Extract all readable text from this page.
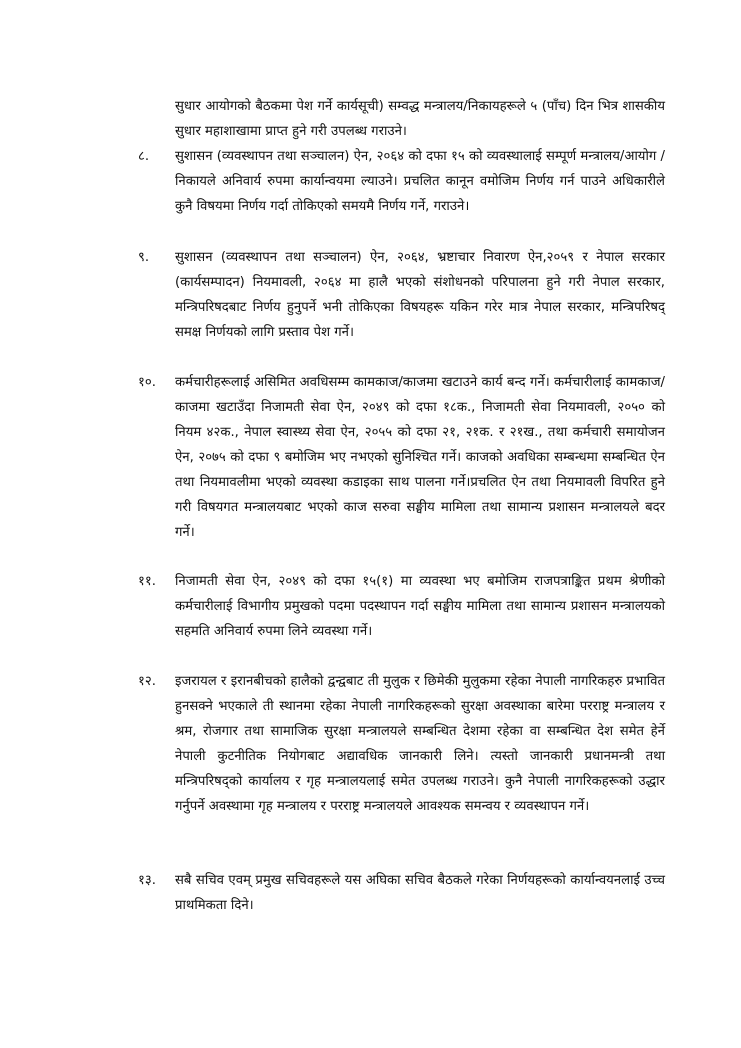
सुधार आयोगको बैठकमा पेश गर्ने कार्यसूची) सम्वद्ध मन्त्रालय/निकायहरूले ५ (पाँच) दिन भित्र शासकीय सुधार महाशाखामा प्राप्त हुने गरी उपलब्ध गराउने।

८.	सुशासन (व्यवस्थापन तथा सञ्चालन) ऐन, २०६४ को दफा १५ को व्यवस्थालाई सम्पूर्ण मन्त्रालय/आयोग /निकायले अनिवार्य रुपमा कार्यान्वयमा ल्याउने। प्रचलित कानून वमोजिम निर्णय गर्न पाउने अधिकारीले कुनै विषयमा निर्णय गर्दा तोकिएको समयमै निर्णय गर्ने, गराउने।

९.	सुशासन (व्यवस्थापन तथा सञ्चालन) ऐन, २०६४, भ्रष्टाचार निवारण ऐन,२०५९ र नेपाल सरकार (कार्यसम्पादन) नियमावली, २०६४ मा हालै भएको संशोधनको परिपालना हुने गरी नेपाल सरकार, मन्त्रिपरिषदबाट निर्णय हुनुपर्ने भनी तोकिएका विषयहरू यकिन गरेर मात्र नेपाल सरकार, मन्त्रिपरिषद् समक्ष निर्णयको लागि प्रस्ताव पेश गर्ने।

१०.	कर्मचारीहरूलाई असिमित अवधिसम्म कामकाज/काजमा खटाउने कार्य बन्द गर्ने। कर्मचारीलाई कामकाज/काजमा खटाउँदा निजामती सेवा ऐन, २०४९ को दफा १८क., निजामती सेवा नियमावली, २०५० को नियम ४२क., नेपाल स्वास्थ्य सेवा ऐन, २०५५ को दफा २१, २१क. र २१ख., तथा कर्मचारी समायोजन ऐन, २०७५ को दफा ९ बमोजिम भए नभएको सुनिश्चित गर्ने। काजको अवधिका सम्बन्धमा सम्बन्धित ऐन तथा नियमावलीमा भएको व्यवस्था कडाइका साथ पालना गर्ने।प्रचलित ऐन तथा नियमावली विपरित हुने गरी विषयगत मन्त्रालयबाट भएको काज सरुवा सङ्घीय मामिला तथा सामान्य प्रशासन मन्त्रालयले बदर गर्ने।

११.	निजामती सेवा ऐन, २०४९ को दफा १५(१) मा व्यवस्था भए बमोजिम राजपत्राङ्कित प्रथम श्रेणीको कर्मचारीलाई विभागीय प्रमुखको पदमा पदस्थापन गर्दा सङ्घीय मामिला तथा सामान्य प्रशासन मन्त्रालयको सहमति अनिवार्य रुपमा लिने व्यवस्था गर्ने।

१२.	इजरायल र इरानबीचको हालैको द्वन्द्वबाट ती मुलुक र छिमेकी मुलुकमा रहेका नेपाली नागरिकहरु प्रभावित हुनसक्ने भएकाले ती स्थानमा रहेका नेपाली नागरिकहरूको सुरक्षा अवस्थाका बारेमा परराष्ट्र मन्त्रालय र श्रम, रोजगार तथा सामाजिक सुरक्षा मन्त्रालयले सम्बन्धित देशमा रहेका वा सम्बन्धित देश समेत हेर्ने नेपाली कुटनीतिक नियोगबाट अद्यावधिक जानकारी लिने। त्यस्तो जानकारी प्रधानमन्त्री तथा मन्त्रिपरिषद्को कार्यालय र गृह मन्त्रालयलाई समेत उपलब्ध गराउने। कुनै नेपाली नागरिकहरूको उद्धार गर्नुपर्ने अवस्थामा गृह मन्त्रालय र परराष्ट्र मन्त्रालयले आवश्यक समन्वय र व्यवस्थापन गर्ने।

१३.	सबै सचिव एवम् प्रमुख सचिवहरूले यस अघिका सचिव बैठकले गरेका निर्णयहरूको कार्यान्वयनलाई उच्च प्राथमिकता दिने।
